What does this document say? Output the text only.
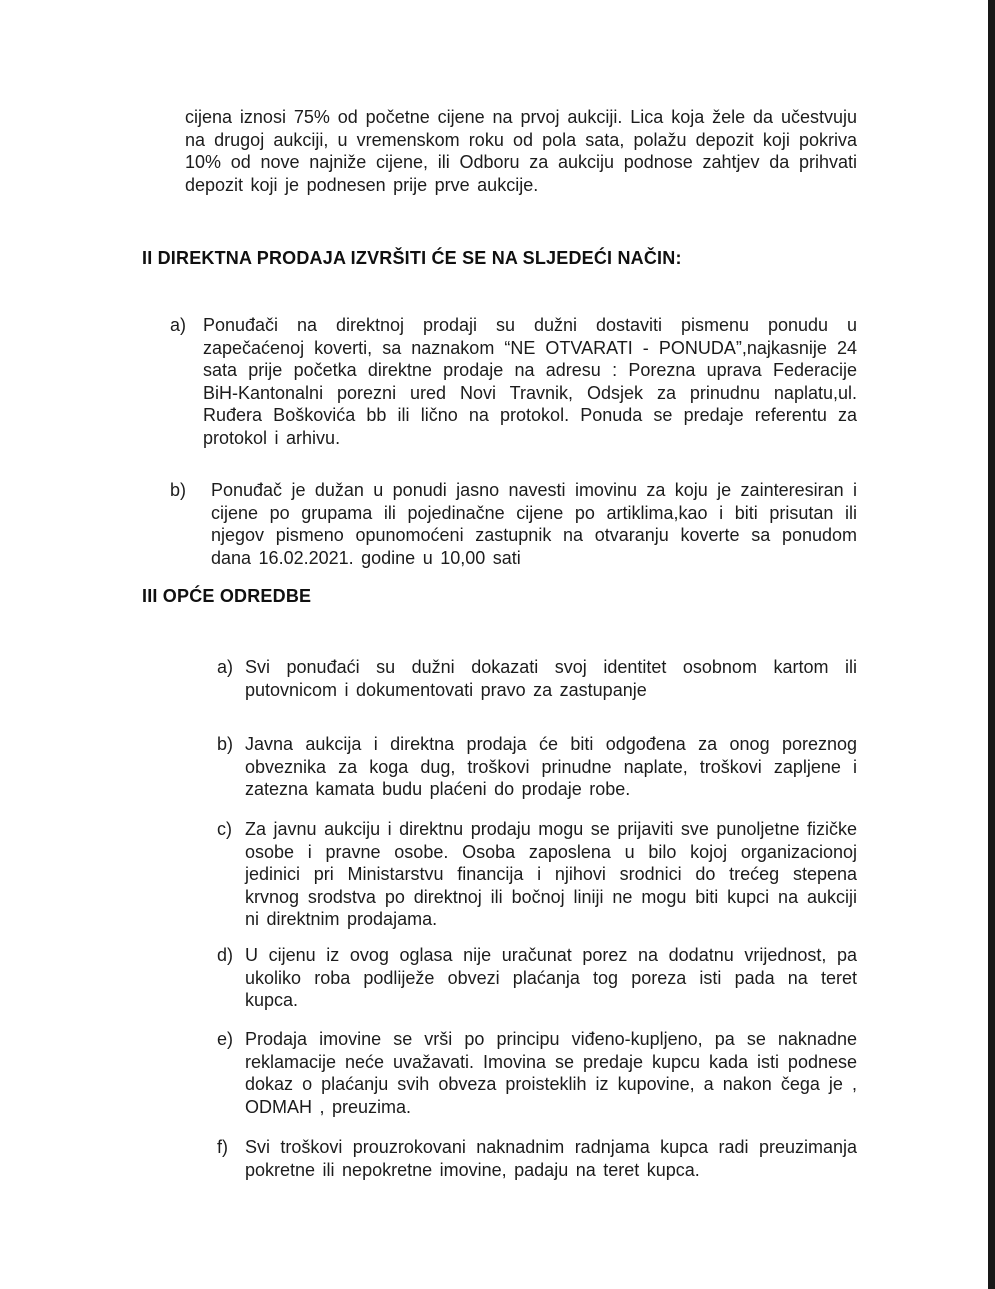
cijena iznosi 75% od početne cijene na prvoj aukciji. Lica koja žele da učestvuju na drugoj aukciji, u vremenskom roku od pola sata, polažu depozit koji pokriva 10% od nove najniže cijene, ili Odboru za aukciju podnose zahtjev da prihvati depozit koji je podnesen prije prve aukcije.

II DIREKTNA PRODAJA IZVRŠITI ĆE SE NA SLJEDEĆI NAČIN:
a) Ponuđači na direktnoj prodaji su dužni dostaviti pismenu ponudu u zapečaćenoj koverti, sa naznakom “NE OTVARATI - PONUDA”,najkasnije 24 sata prije početka direktne prodaje na adresu : Porezna uprava Federacije BiH-Kantonalni porezni ured Novi Travnik, Odsjek za prinudnu naplatu,ul. Ruđera Boškovića bb ili lično na protokol. Ponuda se predaje referentu za protokol i arhivu.
b)	Ponuđač je dužan u ponudi jasno navesti imovinu za koju je zainteresiran i cijene po grupama ili pojedinačne cijene po artiklima,kao i biti prisutan ili njegov pismeno opunomoćeni zastupnik na otvaranju koverte sa ponudom dana 16.02.2021. godine u 10,00 sati
III OPĆE ODREDBE
a) Svi ponuđaći su dužni dokazati svoj identitet osobnom kartom ili putovnicom i dokumentovati pravo za zastupanje
b) Javna aukcija i direktna prodaja će biti odgođena za onog poreznog obveznika za koga dug, troškovi prinudne naplate, troškovi zapljene i zatezna kamata budu plaćeni do prodaje robe.
c) Za javnu aukciju i direktnu prodaju mogu se prijaviti sve punoljetne fizičke osobe i pravne osobe. Osoba zaposlena u bilo kojoj organizacionoj jedinici pri Ministarstvu financija i njihovi srodnici do trećeg stepena krvnog srodstva po direktnoj ili bočnoj liniji ne mogu biti kupci na aukciji ni direktnim prodajama.
d) U cijenu iz ovog oglasa nije uračunat porez na dodatnu vrijednost, pa ukoliko roba podliježe obvezi plaćanja tog poreza isti pada na teret kupca.
e) Prodaja imovine se vrši po principu viđeno-kupljeno, pa se naknadne reklamacije neće uvažavati. Imovina se predaje kupcu kada isti podnese dokaz o plaćanju svih obveza proisteklih iz kupovine, a nakon čega je , ODMAH , preuzima.
f) Svi troškovi prouzrokovani naknadnim radnjama kupca radi preuzimanja pokretne ili nepokretne imovine, padaju na teret kupca.
